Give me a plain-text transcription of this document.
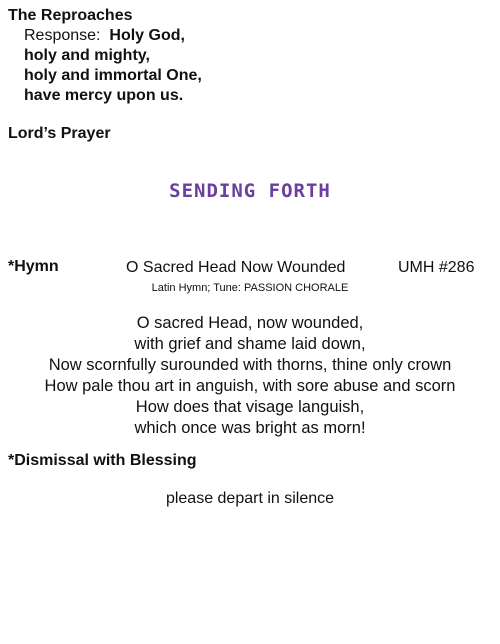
The Reproaches
Response: Holy God,
holy and mighty,
holy and immortal One,
have mercy upon us.
Lord’s Prayer
SENDING FORTH
*Hymn	O Sacred Head Now Wounded	UMH #286
Latin Hymn; Tune: PASSION CHORALE
O sacred Head, now wounded,
with grief and shame laid down,
Now scornfully surounded with thorns, thine only crown
How pale thou art in anguish, with sore abuse and scorn
How does that visage languish,
which once was bright as morn!
*Dismissal with Blessing
please depart in silence
